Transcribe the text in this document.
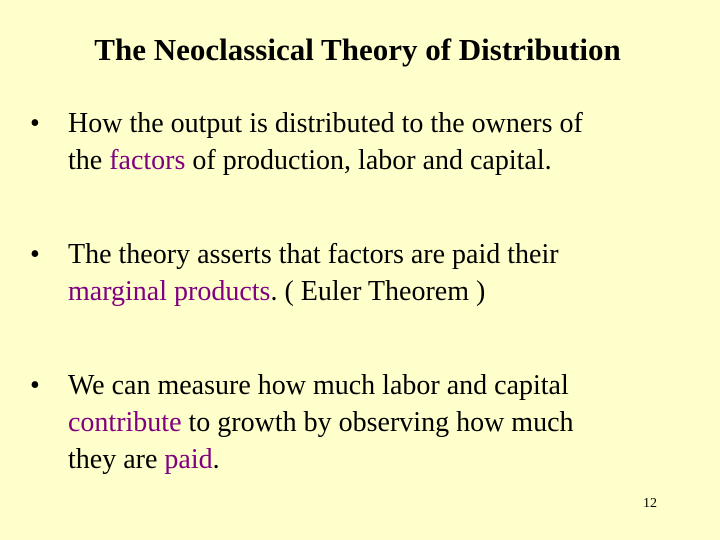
The Neoclassical Theory of Distribution
•	How the output is distributed to the owners of
the factors of production, labor and capital.
•	The theory asserts that factors are paid their
marginal products. ( Euler Theorem )
•	We can measure how much labor and capital
contribute to growth by observing how much
they are paid.
12
